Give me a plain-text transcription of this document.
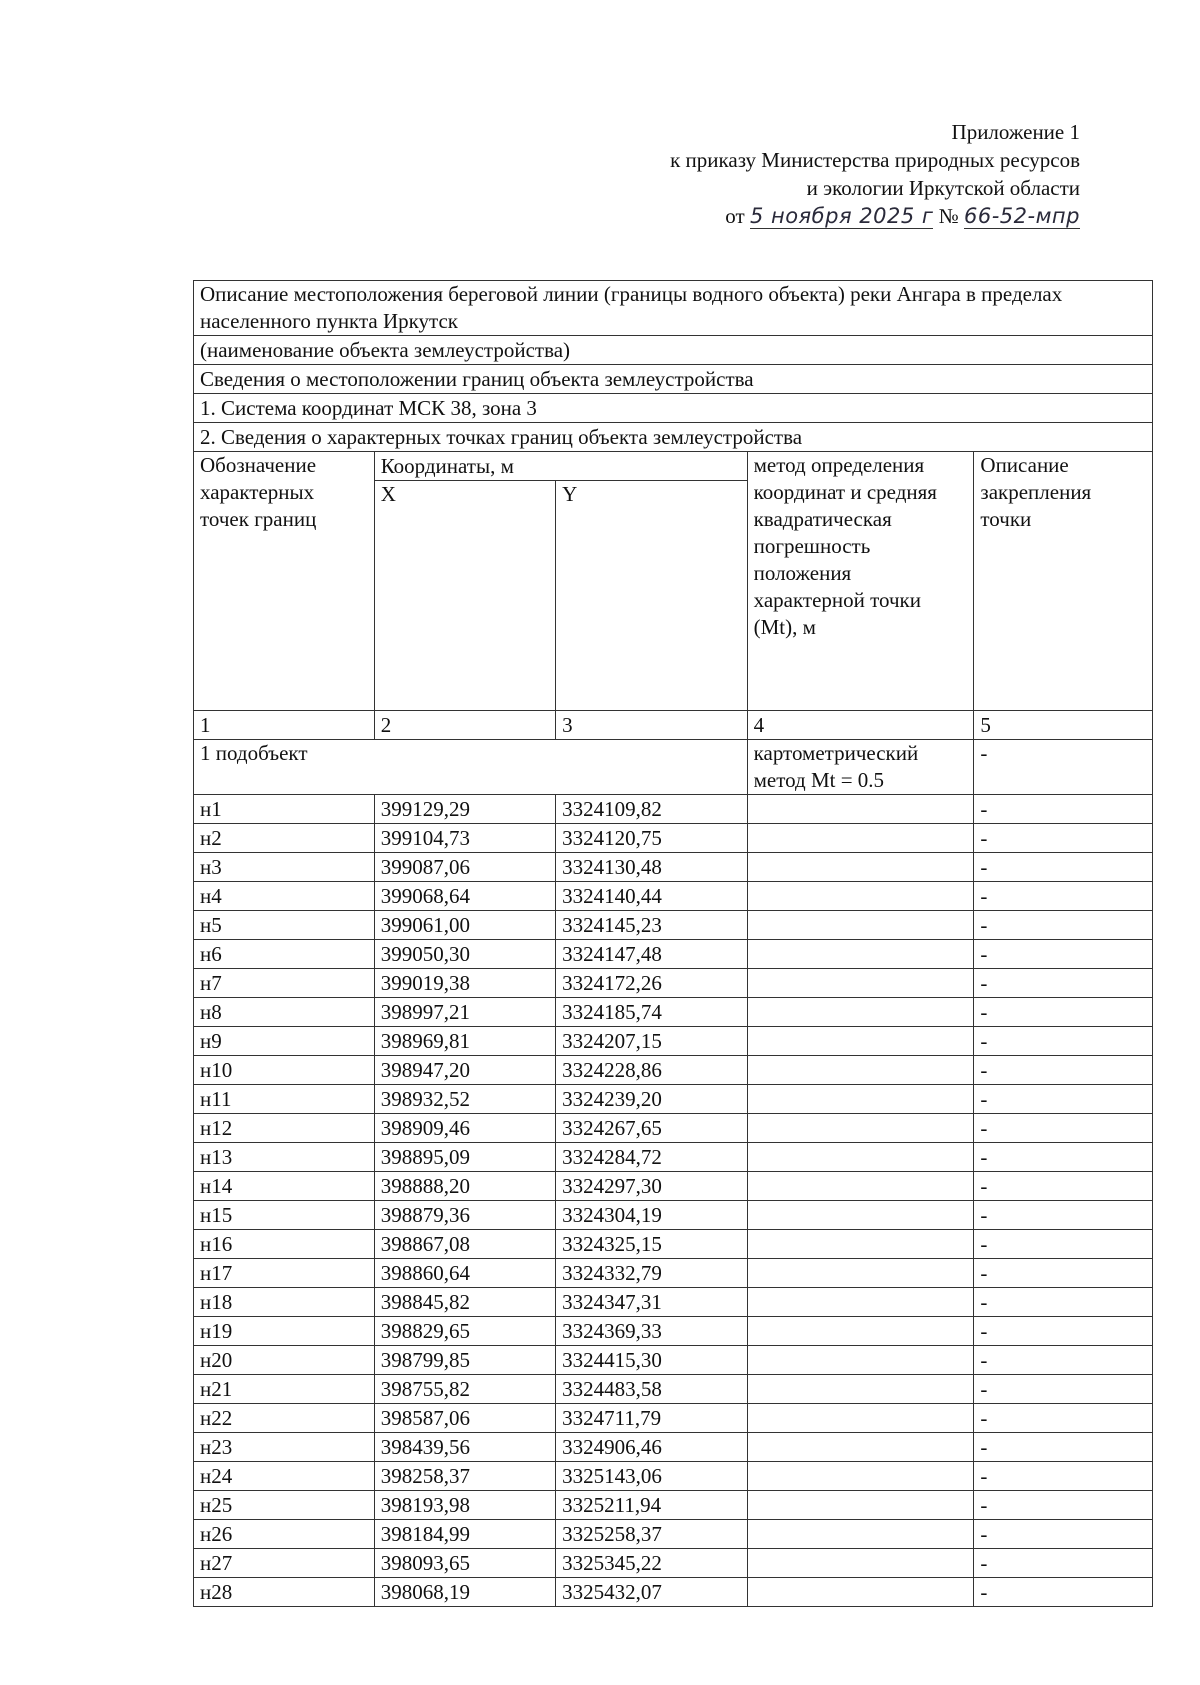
Приложение 1
к приказу Министерства природных ресурсов
и экологии Иркутской области
от 5 ноября 2025 г № 66-52-мпр
Описание местоположения береговой линии (границы водного объекта) реки Ангара в пределах населенного пункта Иркутск				
(наименование объекта землеустройства)				
Сведения о местоположении границ объекта землеустройства				
1. Система координат МСК 38, зона 3				
2. Сведения о характерных точках границ объекта землеустройства				
Обозначение характерных точек границ	Координаты, м		метод определения координат и средняя квадратическая погрешность положения характерной точки (Mt), м	Описание закрепления точки
	X	Y		
1	2	3	4	5
1 подобъект			картометрический метод Mt = 0.5	-
н1	399129,29	3324109,82		-
н2	399104,73	3324120,75		-
н3	399087,06	3324130,48		-
н4	399068,64	3324140,44		-
н5	399061,00	3324145,23		-
н6	399050,30	3324147,48		-
н7	399019,38	3324172,26		-
н8	398997,21	3324185,74		-
н9	398969,81	3324207,15		-
н10	398947,20	3324228,86		-
н11	398932,52	3324239,20		-
н12	398909,46	3324267,65		-
н13	398895,09	3324284,72		-
н14	398888,20	3324297,30		-
н15	398879,36	3324304,19		-
н16	398867,08	3324325,15		-
н17	398860,64	3324332,79		-
н18	398845,82	3324347,31		-
н19	398829,65	3324369,33		-
н20	398799,85	3324415,30		-
н21	398755,82	3324483,58		-
н22	398587,06	3324711,79		-
н23	398439,56	3324906,46		-
н24	398258,37	3325143,06		-
н25	398193,98	3325211,94		-
н26	398184,99	3325258,37		-
н27	398093,65	3325345,22		-
н28	398068,19	3325432,07		-
